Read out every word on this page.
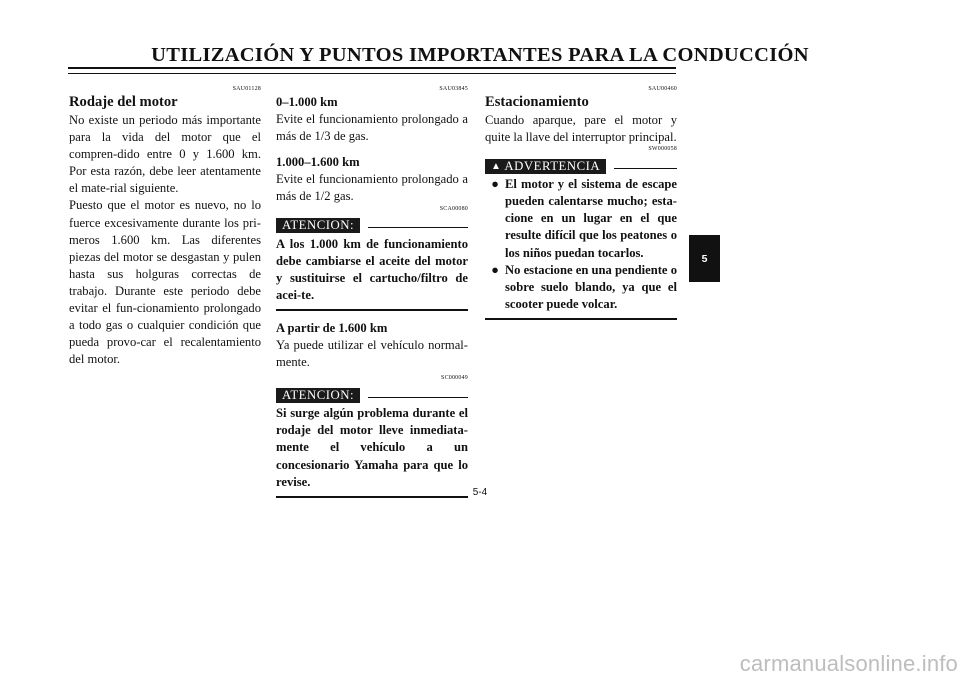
UTILIZACIÓN Y PUNTOS IMPORTANTES PARA LA CONDUCCIÓN
SAU01128
Rodaje del motor
No existe un periodo más importante para la vida del motor que el compren-dido entre 0 y 1.600 km. Por esta razón, debe leer atentamente el mate-rial siguiente.
Puesto que el motor es nuevo, no lo fuerce excesivamente durante los pri-meros 1.600 km. Las diferentes piezas del motor se desgastan y pulen hasta sus holguras correctas de trabajo. Durante este periodo debe evitar el fun-cionamiento prolongado a todo gas o cualquier condición que pueda provo-car el recalentamiento del motor.
SAU03845
0–1.000 km
Evite el funcionamiento prolongado a más de 1/3 de gas.
1.000–1.600 km
Evite el funcionamiento prolongado a más de 1/2 gas.
SCA00080
ATENCION:
A los 1.000 km de funcionamiento debe cambiarse el aceite del motor y sustituirse el cartucho/filtro de acei-te.
A partir de 1.600 km
Ya puede utilizar el vehículo normal-mente.
SC000049
ATENCION:
Si surge algún problema durante el rodaje del motor lleve inmediata-mente el vehículo a un concesionario Yamaha para que lo revise.
SAU00460
Estacionamiento
Cuando aparque, pare el motor y quite la llave del interruptor principal.
SW000058
▲ ADVERTENCIA
● El motor y el sistema de escape pueden calentarse mucho; esta-cione en un lugar en el que resulte difícil que los peatones o los niños puedan tocarlos.
● No estacione en una pendiente o sobre suelo blando, ya que el scooter puede volcar.
5-4
5
carmanualsonline.info
